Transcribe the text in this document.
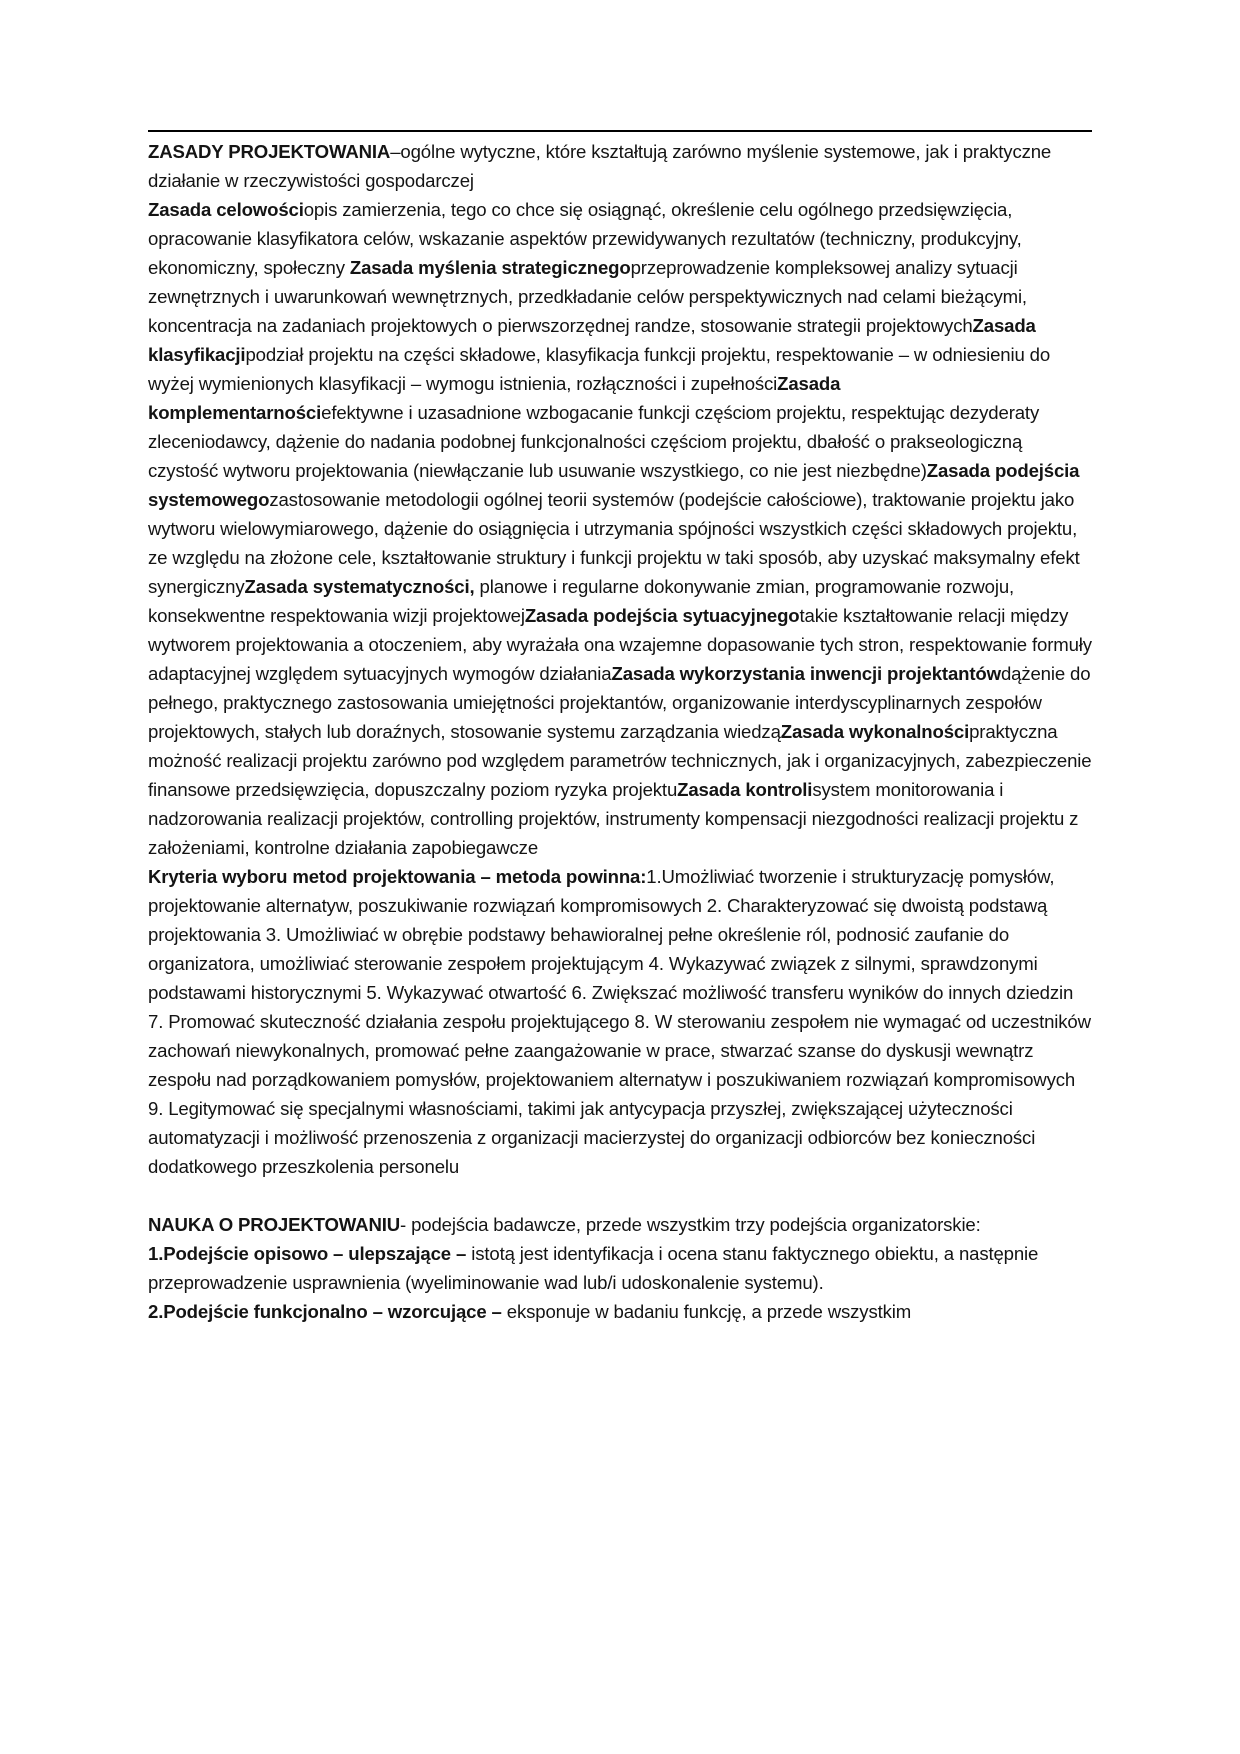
ZASADY PROJEKTOWANIA–ogólne wytyczne, które kształtują zarówno myślenie systemowe, jak i praktyczne działanie w rzeczywistości gospodarczej

Zasada celowościopis zamierzenia, tego co chce się osiągnąć, określenie celu ogólnego przedsięwzięcia, opracowanie klasyfikatora celów, wskazanie aspektów przewidywanych rezultatów (techniczny, produkcyjny, ekonomiczny, społeczny Zasada myślenia strategicznegoprzeprowadzenie kompleksowej analizy sytuacji zewnętrznych i uwarunkowań wewnętrznych, przedkładanie celów perspektywicznych nad celami bieżącymi, koncentracja na zadaniach projektowych o pierwszorzędnej randze, stosowanie strategii projektowychZasada klasyfikacjipodział projektu na części składowe, klasyfikacja funkcji projektu, respektowanie – w odniesieniu do wyżej wymienionych klasyfikacji – wymogu istnienia, rozłączności i zupełnościZasada komplementarnościefektywne i uzasadnione wzbogacanie funkcji częściom projektu, respektując dezyderaty zleceniodawcy, dążenie do nadania podobnej funkcjonalności częściom projektu, dbałość o prakseologiczną czystość wytworu projektowania (niewłączanie lub usuwanie wszystkiego, co nie jest niezbędne)Zasada podejścia systemowegozastosowanie metodologii ogólnej teorii systemów (podejście całościowe), traktowanie projektu jako wytworu wielowymiarowego, dążenie do osiągnięcia i utrzymania spójności wszystkich części składowych projektu, ze względu na złożone cele, kształtowanie struktury i funkcji projektu w taki sposób, aby uzyskać maksymalny efekt synergicznyZasada systematyczności, planowe i regularne dokonywanie zmian, programowanie rozwoju, konsekwentne respektowania wizji projektowejZasada podejścia sytuacyjnegotakie kształtowanie relacji między wytworem projektowania a otoczeniem, aby wyrażała ona wzajemne dopasowanie tych stron, respektowanie formuły adaptacyjnej względem sytuacyjnych wymogów działaniaZasada wykorzystania inwencji projektantówdążenie do pełnego, praktycznego zastosowania umiejętności projektantów, organizowanie interdyscyplinarnych zespołów projektowych, stałych lub doraźnych, stosowanie systemu zarządzania wiedząZasada wykonalnościpraktyczna możność realizacji projektu zarówno pod względem parametrów technicznych, jak i organizacyjnych, zabezpieczenie finansowe przedsięwzięcia, dopuszczalny poziom ryzyka projektuZasada kontrolisystem monitorowania i nadzorowania realizacji projektów, controlling projektów, instrumenty kompensacji niezgodności realizacji projektu z założeniami, kontrolne działania zapobiegawcze

Kryteria wyboru metod projektowania – metoda powinna:1.Umożliwiać tworzenie i strukturyzację pomysłów, projektowanie alternatyw, poszukiwanie rozwiązań kompromisowych 2. Charakteryzować się dwoistą podstawą projektowania 3. Umożliwiać w obrębie podstawy behawioralnej pełne określenie ról, podnosić zaufanie do organizatora, umożliwiać sterowanie zespołem projektującym 4. Wykazywać związek z silnymi, sprawdzonymi podstawami historycznymi 5. Wykazywać otwartość 6. Zwiększać możliwość transferu wyników do innych dziedzin 7. Promować skuteczność działania zespołu projektującego 8. W sterowaniu zespołem nie wymagać od uczestników zachowań niewykonalnych, promować pełne zaangażowanie w prace, stwarzać szanse do dyskusji wewnątrz zespołu nad porządkowaniem pomysłów, projektowaniem alternatyw i poszukiwaniem rozwiązań kompromisowych 9. Legitymować się specjalnymi własnościami, takimi jak antycypacja przyszłej, zwiększającej użyteczności automatyzacji i możliwość przenoszenia z organizacji macierzystej do organizacji odbiorców bez konieczności dodatkowego przeszkolenia personelu

NAUKA O PROJEKTOWANIU- podejścia badawcze, przede wszystkim trzy podejścia organizatorskie:

1.Podejście opisowo – ulepszające – istotą jest identyfikacja i ocena stanu faktycznego obiektu, a następnie przeprowadzenie usprawnienia (wyeliminowanie wad lub/i udoskonalenie systemu).

2.Podejście funkcjonalno – wzorcujące – eksponuje w badaniu funkcję, a przede wszystkim
